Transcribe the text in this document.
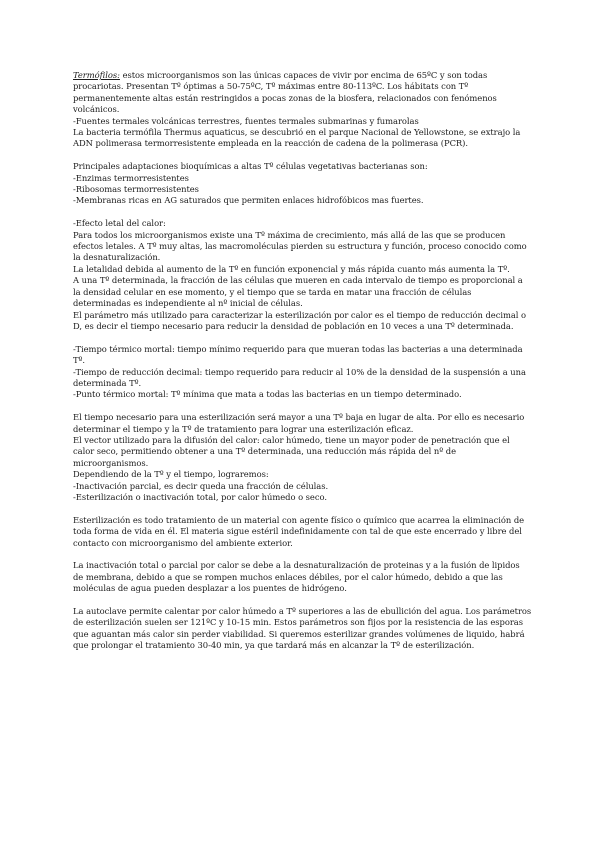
Termófilos: estos microorganismos son las únicas capaces de vivir por encima de 65ºC y son todas
procariotas. Presentan Tº óptimas a 50-75ºC, Tº máximas entre 80-113ºC. Los hábitats con Tº
permanentemente altas están restringidos a pocas zonas de la biosfera, relacionados con fenómenos
volcánicos.
-Fuentes termales volcánicas terrestres, fuentes termales submarinas y fumarolas
La bacteria termófila Thermus aquaticus, se descubrió en el parque Nacional de Yellowstone, se extrajo la
ADN polimerasa termorresistente empleada en la reacción de cadena de la polimerasa (PCR).
Principales adaptaciones bioquímicas a altas Tº células vegetativas bacterianas son:
-Enzimas termorresistentes
-Ribosomas termorresistentes
-Membranas ricas en AG saturados que permiten enlaces hidrofóbicos mas fuertes.
-Efecto letal del calor:
Para todos los microorganismos existe una Tº máxima de crecimiento, más allá de las que se producen
efectos letales. A Tº muy altas, las macromoléculas pierden su estructura y función, proceso conocido como
la desnaturalización.
La letalidad debida al aumento de la Tº en función exponencial y más rápida cuanto más aumenta la Tº.
A una Tº determinada, la fracción de las células que mueren en cada intervalo de tiempo es proporcional a
la densidad celular en ese momento, y el tiempo que se tarda en matar una fracción de células
determinadas es independiente al nº inicial de células.
El parámetro más utilizado para caracterizar la esterilización por calor es el tiempo de reducción decimal o
D, es decir el tiempo necesario para reducir la densidad de población en 10 veces a una Tº determinada.
-Tiempo térmico mortal: tiempo mínimo requerido para que mueran todas las bacterias a una determinada
Tº.
-Tiempo de reducción decimal: tiempo requerido para reducir al 10% de la densidad de la suspensión a una
determinada Tº.
-Punto térmico mortal: Tº mínima que mata a todas las bacterias en un tiempo determinado.
El tiempo necesario para una esterilización será mayor a una Tº baja en lugar de alta. Por ello es necesario
determinar el tiempo y la Tº de tratamiento para lograr una esterilización eficaz.
El vector utilizado para la difusión del calor: calor húmedo, tiene un mayor poder de penetración que el
calor seco, permitiendo obtener a una Tº determinada, una reducción más rápida del nº de
microorganismos.
Dependiendo de la Tº y el tiempo, lograremos:
-Inactivación parcial, es decir queda una fracción de células.
-Esterilización o inactivación total, por calor húmedo o seco.
Esterilización es todo tratamiento de un material con agente físico o químico que acarrea la eliminación de
toda forma de vida en él. El materia sigue estéril indefinidamente con tal de que este encerrado y libre del
contacto con microorganismo del ambiente exterior.
La inactivación total o parcial por calor se debe a la desnaturalización de proteinas y a la fusión de lipidos
de membrana, debido a que se rompen muchos enlaces débiles, por el calor húmedo, debido a que las
moléculas de agua pueden desplazar a los puentes de hidrógeno.
La autoclave permite calentar por calor húmedo a Tº superiores a las de ebullición del agua. Los parámetros
de esterilización suelen ser 121ºC y 10-15 min. Estos parámetros son fijos por la resistencia de las esporas
que aguantan más calor sin perder viabilidad. Si queremos esterilizar grandes volúmenes de liquido, habrá
que prolongar el tratamiento 30-40 min, ya que tardará más en alcanzar la Tº de esterilización.
